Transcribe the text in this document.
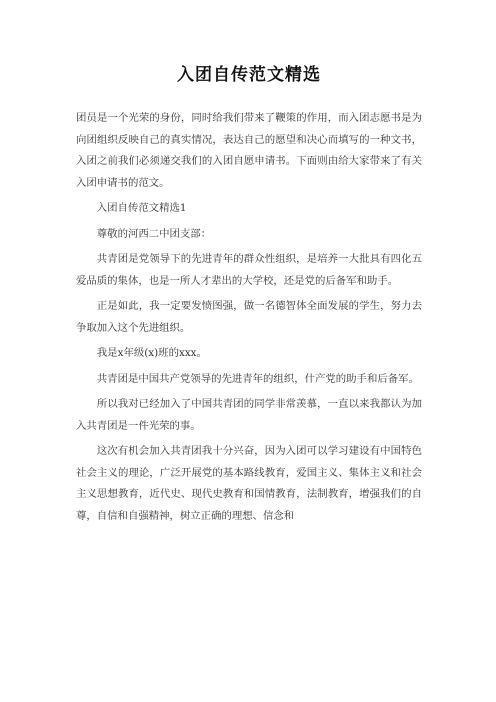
入团自传范文精选

团员是一个光荣的身份，同时给我们带来了鞭策的作用，而入团志愿书是为向团组织反映自己的真实情况，表达自己的愿望和决心而填写的一种文书，入团之前我们必须递交我们的入团自愿申请书。下面则由给大家带来了有关入团申请书的范文。

入团自传范文精选1

尊敬的河西二中团支部：

共青团是党领导下的先进青年的群众性组织，是培养一大批具有四化五爱品质的集体，也是一所人才辈出的大学校，还是党的后备军和助手。

正是如此，我一定要发愤图强，做一名德智体全面发展的学生，努力去争取加入这个先进组织。

我是x年级(x)班的xxx。

共青团是中国共产党领导的先进青年的组织，什产党的助手和后备军。

所以我对已经加入了中国共青团的同学非常羡慕，一直以来我都认为加入共青团是一件光荣的事。

这次有机会加入共青团我十分兴奋，因为入团可以学习建设有中国特色社会主义的理论，广泛开展党的基本路线教育，爱国主义、集体主义和社会主义思想教育，近代史、现代史教育和国情教育，法制教育，增强我们的自尊，自信和自强精神，树立正确的理想、信念和
